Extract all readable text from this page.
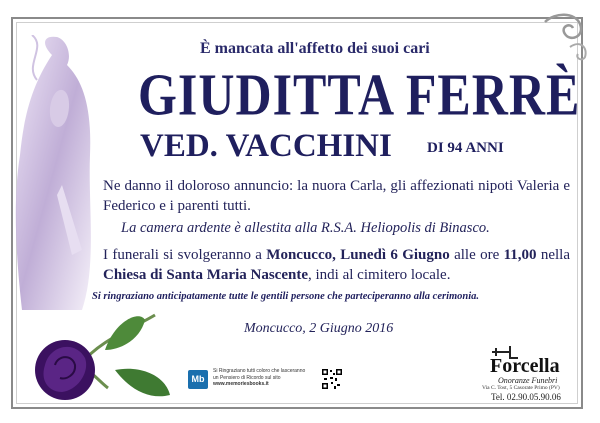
È mancata all'affetto dei suoi cari
GIUDITTA FERRÈ
VED. VACCHINI DI 94 ANNI
Ne danno il doloroso annuncio: la nuora Carla, gli affezionati nipoti Valeria e Federico e i parenti tutti.
La camera ardente è allestita alla R.S.A. Heliopolis di Binasco.
I funerali si svolgeranno a Moncucco, Lunedì 6 Giugno alle ore 11,00 nella Chiesa di Santa Maria Nascente, indi al cimitero locale.
Si ringraziano anticipatamente tutte le gentili persone che parteciperanno alla cerimonia.
Moncucco, 2 Giugno 2016
Mb
Si Ringraziano tutti coloro che lasceranno
un Pensiero di Ricordo sul sito
www.memoriesbooks.it
Forcella
Onoranze Funebri
Via C. Tost, 5 Casorate Primo (PV)
Tel. 02.90.05.90.06
